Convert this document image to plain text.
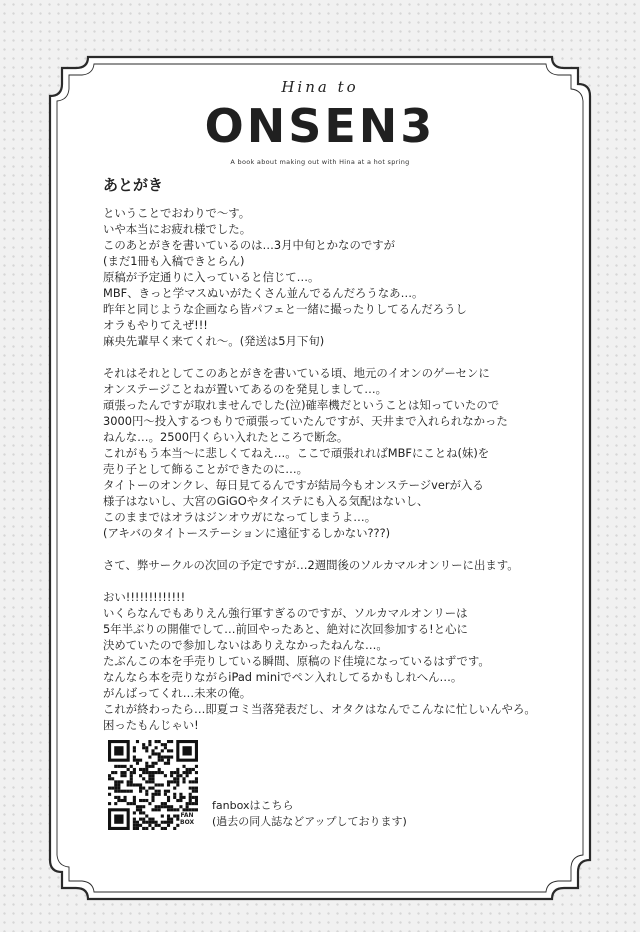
Hina to
ONSEN3
A book about making out with Hina at a hot spring
あとがき
ということでおわりで～す。
いや本当にお疲れ様でした。
このあとがきを書いているのは…3月中旬とかなのですが
(まだ1冊も入稿できとらん)
原稿が予定通りに入っていると信じて…。
MBF、きっと学マスぬいがたくさん並んでるんだろうなあ…。
昨年と同じような企画なら皆パフェと一緒に撮ったりしてるんだろうし
オラもやりてえぜ!!!
麻央先輩早く来てくれ～。(発送は5月下旬)
それはそれとしてこのあとがきを書いている頃、地元のイオンのゲーセンに
オンステージことねが置いてあるのを発見しまして…。
頑張ったんですが取れませんでした(泣)確率機だということは知っていたので
3000円～投入するつもりで頑張っていたんですが、天井まで入れられなかった
ねんな…。2500円くらい入れたところで断念。
これがもう本当～に悲しくてねえ…。ここで頑張れればMBFにことね(妹)を
売り子として飾ることができたのに…。
タイトーのオンクレ、毎日見てるんですが結局今もオンステージverが入る
様子はないし、大宮のGiGOやタイステにも入る気配はないし、
このままではオラはジンオウガになってしまうよ…。
(アキバのタイトーステーションに遠征するしかない???)
さて、弊サークルの次回の予定ですが…2週間後のソルカマルオンリーに出ます。
おい!!!!!!!!!!!!!
いくらなんでもありえん強行軍すぎるのですが、ソルカマルオンリーは
5年半ぶりの開催でして…前回やったあと、絶対に次回参加する!と心に
決めていたので参加しないはありえなかったねんな…。
たぶんこの本を手売りしている瞬間、原稿のド佳境になっているはずです。
なんなら本を売りながらiPad miniでペン入れしてるかもしれへん…。
がんばってくれ…未来の俺。
これが終わったら…即夏コミ当落発表だし、オタクはなんでこんなに忙しいんやろ。
困ったもんじゃい!
FAN
BOX
fanboxはこちら
(過去の同人誌などアップしております)
